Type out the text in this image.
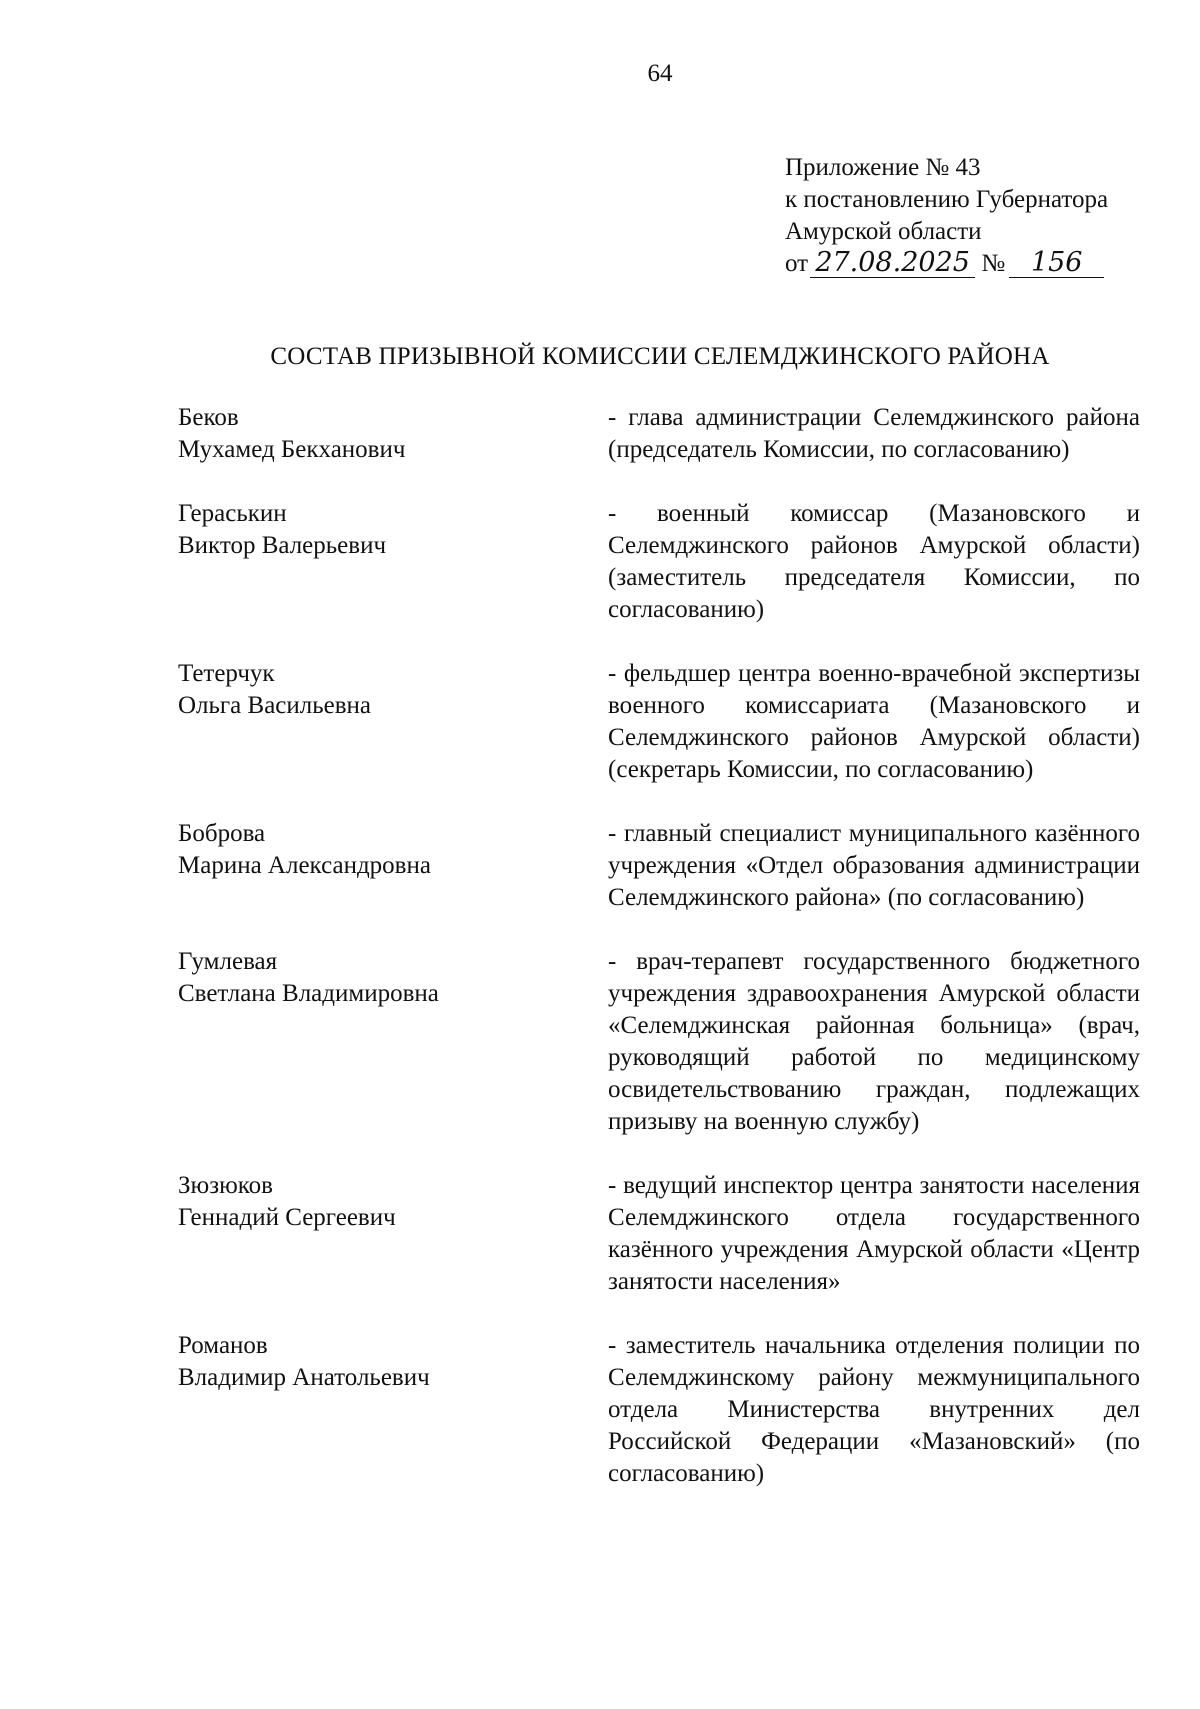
64
Приложение № 43
к постановлению Губернатора
Амурской области
от 27.08.2025 № 156
СОСТАВ ПРИЗЫВНОЙ КОМИССИИ СЕЛЕМДЖИНСКОГО РАЙОНА
Беков
Мухамед Бекханович
- глава администрации Селемджинского района (председатель Комиссии, по согласованию)
Гераськин
Виктор Валерьевич
- военный комиссар (Мазановского и Селемджинского районов Амурской области) (заместитель председателя Комиссии, по согласованию)
Тетерчук
Ольга Васильевна
- фельдшер центра военно-врачебной экспертизы военного комиссариата (Мазановского и Селемджинского районов Амурской области) (секретарь Комиссии, по согласованию)
Боброва
Марина Александровна
- главный специалист муниципального казённого учреждения «Отдел образования администрации Селемджинского района» (по согласованию)
Гумлевая
Светлана Владимировна
- врач-терапевт государственного бюджетного учреждения здравоохранения Амурской области «Селемджинская районная больница» (врач, руководящий работой по медицинскому освидетельствованию граждан, подлежащих призыву на военную службу)
Зюзюков
Геннадий Сергеевич
- ведущий инспектор центра занятости населения Селемджинского отдела государственного казённого учреждения Амурской области «Центр занятости населения»
Романов
Владимир Анатольевич
- заместитель начальника отделения полиции по Селемджинскому району межмуниципального отдела Министерства внутренних дел Российской Федерации «Мазановский» (по согласованию)
